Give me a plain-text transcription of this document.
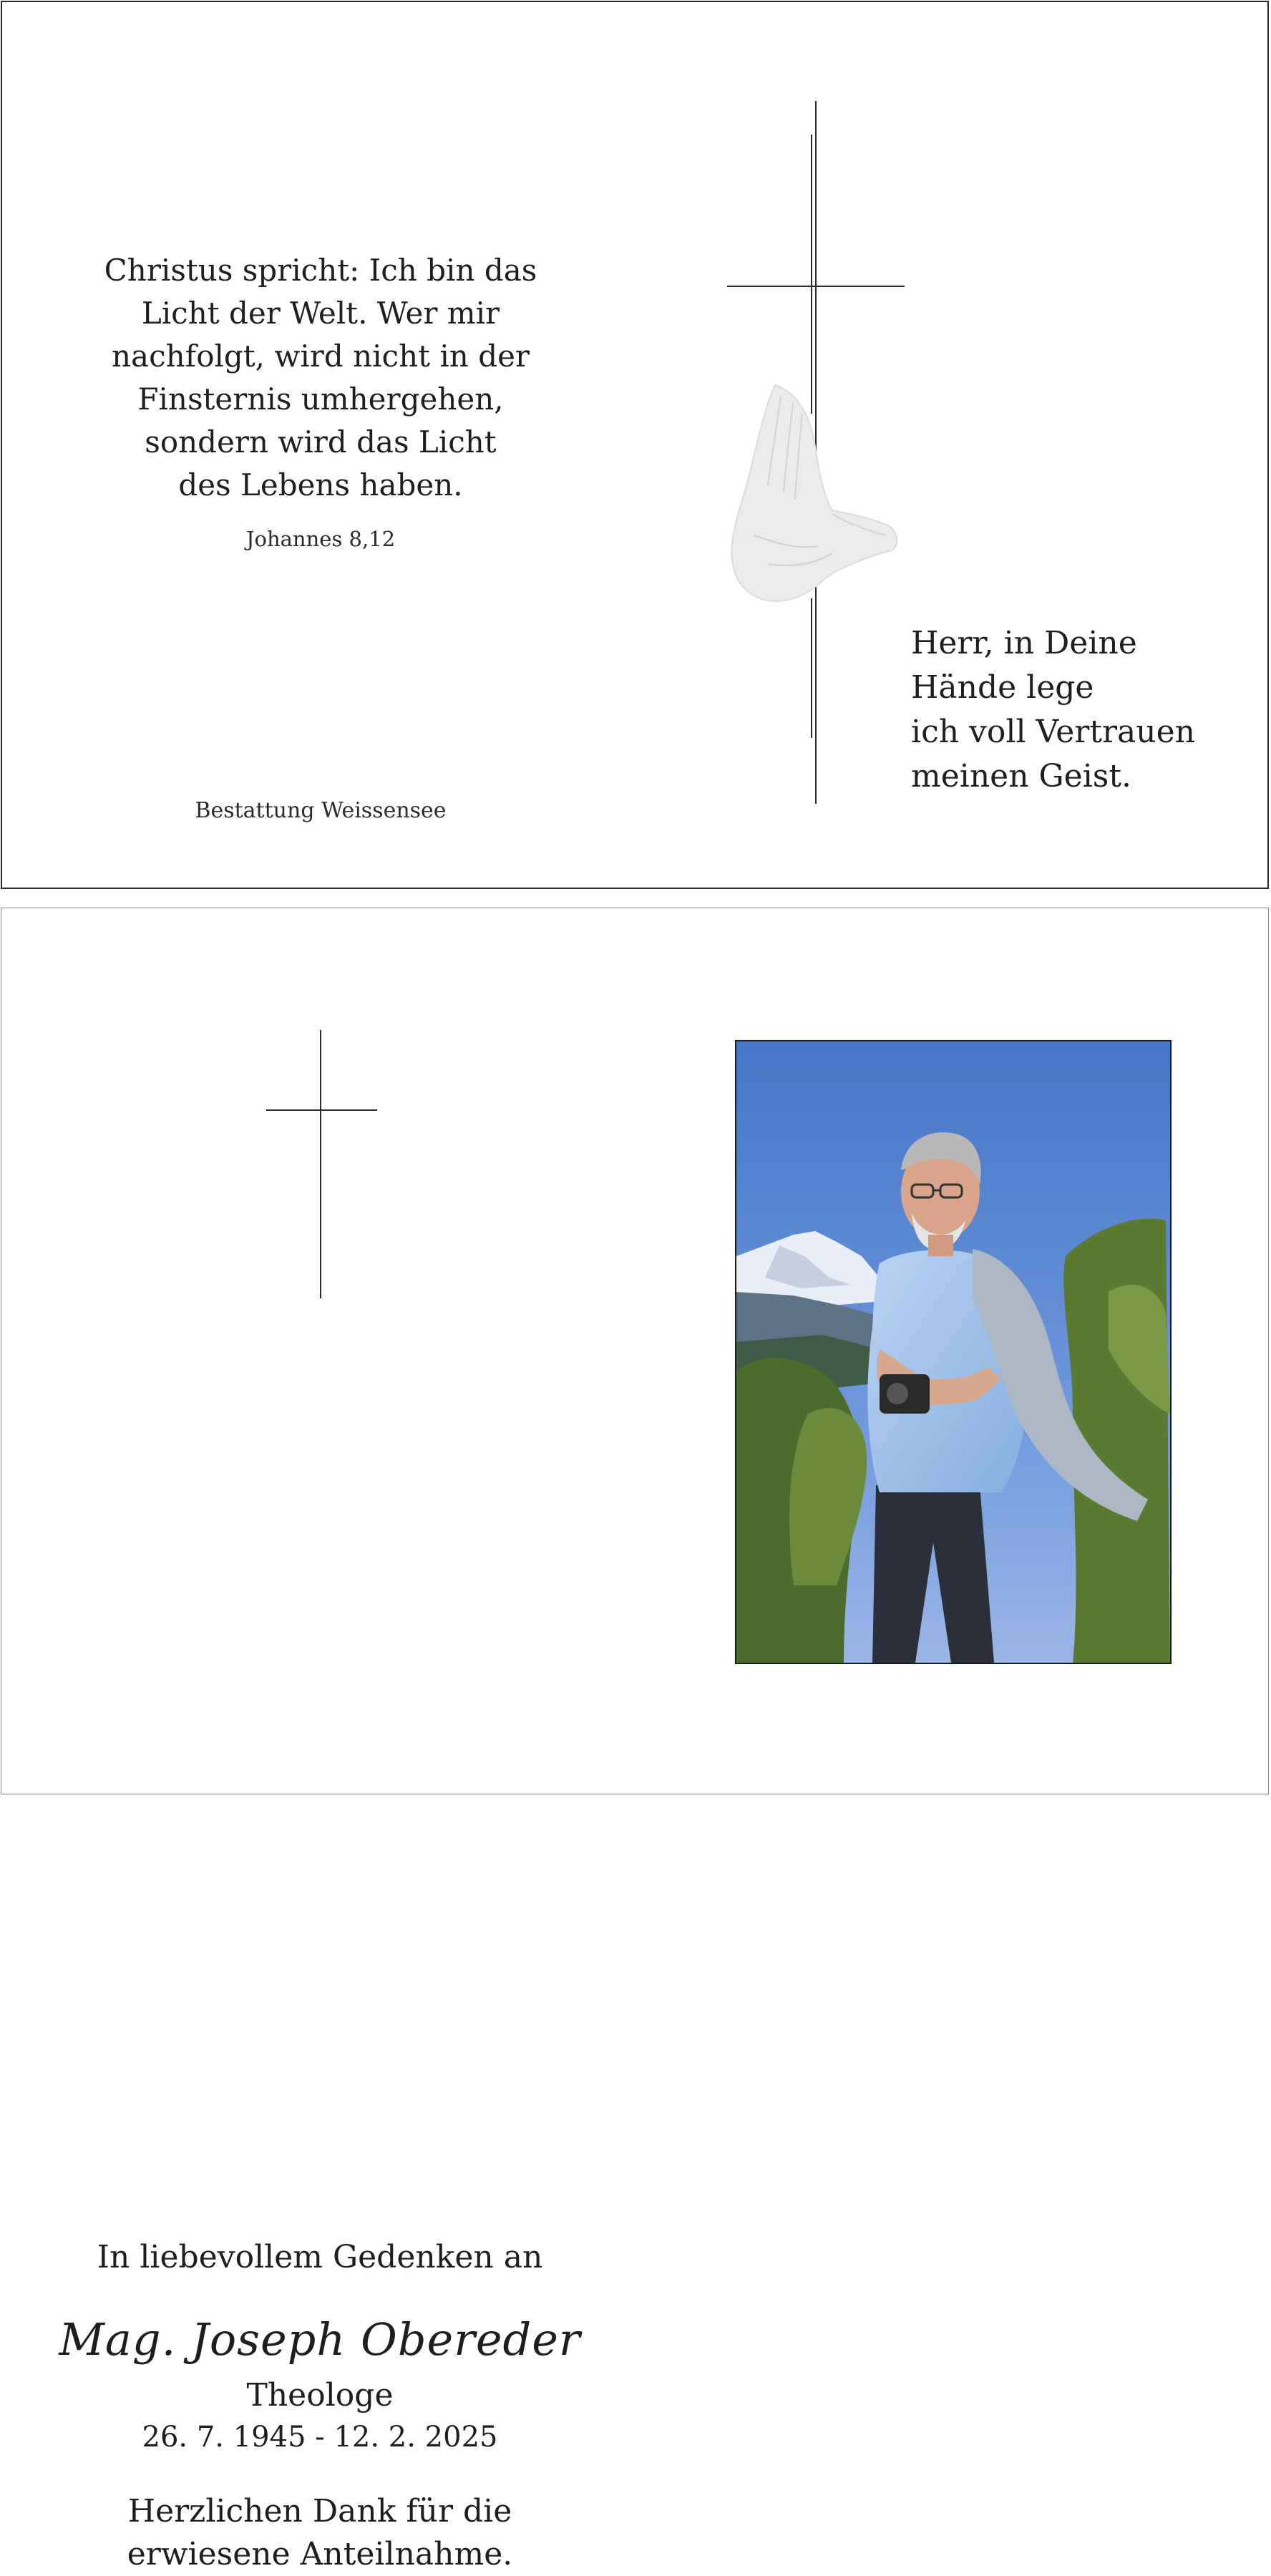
Christus spricht: Ich bin das
Licht der Welt. Wer mir
nachfolgt, wird nicht in der
Finsternis umhergehen,
sondern wird das Licht
des Lebens haben.
Johannes 8,12
Bestattung Weissensee
Herr, in Deine
Hände lege
ich voll Vertrauen
meinen Geist.
In liebevollem Gedenken an
Mag. Joseph Obereder
Theologe
26. 7. 1945 - 12. 2. 2025
Herzlichen Dank für die
erwiesene Anteilnahme.
